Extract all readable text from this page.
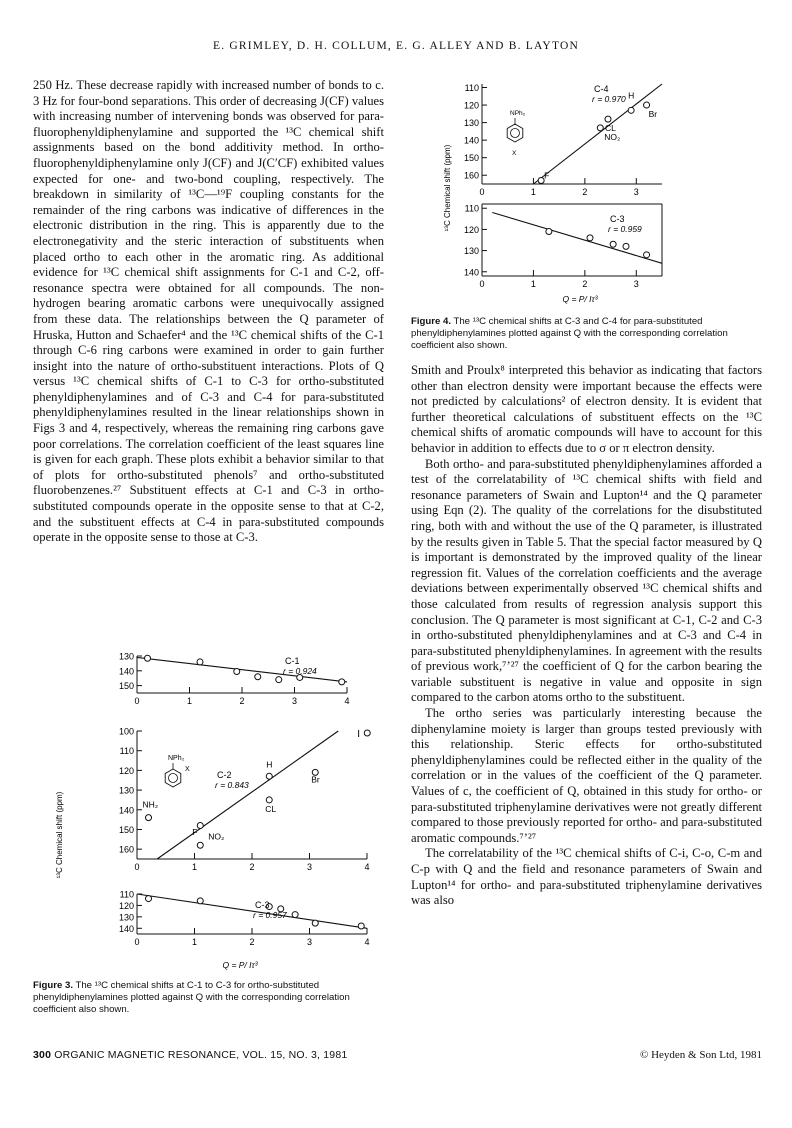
E. GRIMLEY, D. H. COLLUM, E. G. ALLEY AND B. LAYTON

250 Hz. These decrease rapidly with increased number of bonds to c. 3 Hz for four-bond separations. This order of decreasing J(CF) values with increasing number of intervening bonds was observed for para-fluorophenyldiphenylamine and supported the ¹³C chemical shift assignments based on the bond additivity method. In ortho-fluorophenyldiphenylamine only J(CF) and J(C′CF) exhibited values expected for one- and two-bond coupling, respectively. The breakdown in similarity of ¹³C—¹⁹F coupling constants for the remainder of the ring carbons was indicative of differences in the electronic distribution in the ring. This is apparently due to the electronegativity and the steric interaction of substituents when placed ortho to each other in the aromatic ring. As additional evidence for ¹³C chemical shift assignments for C-1 and C-2, off-resonance spectra were obtained for all compounds. The non-hydrogen bearing aromatic carbons were unequivocally assigned from these data. The relationships between the Q parameter of Hruska, Hutton and Schaefer⁴ and the ¹³C chemical shifts of the C-1 through C-6 ring carbons were examined in order to gain further insight into the nature of ortho-substituent interactions. Plots of Q versus ¹³C chemical shifts of C-1 to C-3 for ortho-substituted phenyldiphenylamines and of C-3 and C-4 for para-substituted phenyldiphenylamines resulted in the linear relationships shown in Figs 3 and 4, respectively, whereas the remaining ring carbons gave poor correlations. The correlation coefficient of the least squares line is given for each graph. These plots exhibit a behavior similar to that of plots for ortho-substituted phenols⁷ and ortho-substituted fluorobenzenes.²⁷ Substituent effects at C-1 and C-3 in ortho-substituted compounds operate in the opposite sense to that at C-2, and the substituent effects at C-4 in para-substituted compounds operate in the opposite sense to those at C-3.

110
120
130
140
150
160
0	1	2	3
C-4
r = 0.970
F
NO₂
CL
H
Br
NPh₂
X
110
120
130
140
0	1	2	3
C-3
r = 0.959
¹³C Chemical shift (ppm)
Q = P/ Iτ³
Figure 4. The ¹³C chemical shifts at C-3 and C-4 for para-substituted phenyldiphenylamines plotted against Q with the corresponding correlation coefficient also shown.

Smith and Proulx⁸ interpreted this behavior as indicating that factors other than electron density were important because the effects were not predicted by calculations² of electron density. It is evident that further theoretical calculations of substituent effects on the ¹³C chemical shifts of aromatic compounds will have to account for this behavior in addition to effects due to σ or π electron density.

Both ortho- and para-substituted phenyldiphenylamines afforded a test of the correlatability of ¹³C chemical shifts with field and resonance parameters of Swain and Lupton¹⁴ and the Q parameter using Eqn (2). The quality of the correlations for the disubstituted ring, both with and without the use of the Q parameter, is illustrated by the results given in Table 5. That the special factor measured by Q is important is demonstrated by the improved quality of the linear regression fit. Values of the correlation coefficients and the average deviations between experimentally observed ¹³C chemical shifts and those calculated from results of regression analysis support this conclusion. The Q parameter is most significant at C-1, C-2 and C-3 in ortho-substituted phenyldiphenylamines and at C-3 and C-4 in para-substituted phenyldiphenylamines. In agreement with the results of previous work,⁷ʼ²⁷ the coefficient of Q for the carbon bearing the variable substituent is negative in value and opposite in sign compared to the carbon atoms ortho to the substituent.

The ortho series was particularly interesting because the diphenylamine moiety is larger than groups tested previously with this relationship. Steric effects for ortho-substituted phenyldiphenylamines could be reflected either in the quality of the correlation or in the values of the coefficient of the Q parameter. Values of c, the coefficient of Q, obtained in this study for ortho- or para-substituted triphenylamine derivatives were not greatly different compared to those previously reported for ortho- and para-substituted aromatic compounds.⁷ʼ²⁷

The correlatability of the ¹³C chemical shifts of C-i, C-o, C-m and C-p with Q and the field and resonance parameters of Swain and Lupton¹⁴ for ortho- and para-substituted triphenylamine derivatives was also

130
140
150
0	1	2	3	4
C-1
r = 0.924
100
110
120
130
140
150
160
0	1	2	3	4
I
C-2
r = 0.843
NH₂
NO₂
F
CL
H
Br
NPh₂
X
110
120
130
140
0	1	2	3	4
C-3
r = 0.957
¹³C Chemical shift (ppm)
Q = P/ Iτ³
Figure 3. The ¹³C chemical shifts at C-1 to C-3 for ortho-substituted phenyldiphenylamines plotted against Q with the corresponding correlation coefficient also shown.
300 ORGANIC MAGNETIC RESONANCE, VOL. 15, NO. 3, 1981	© Heyden & Son Ltd, 1981
